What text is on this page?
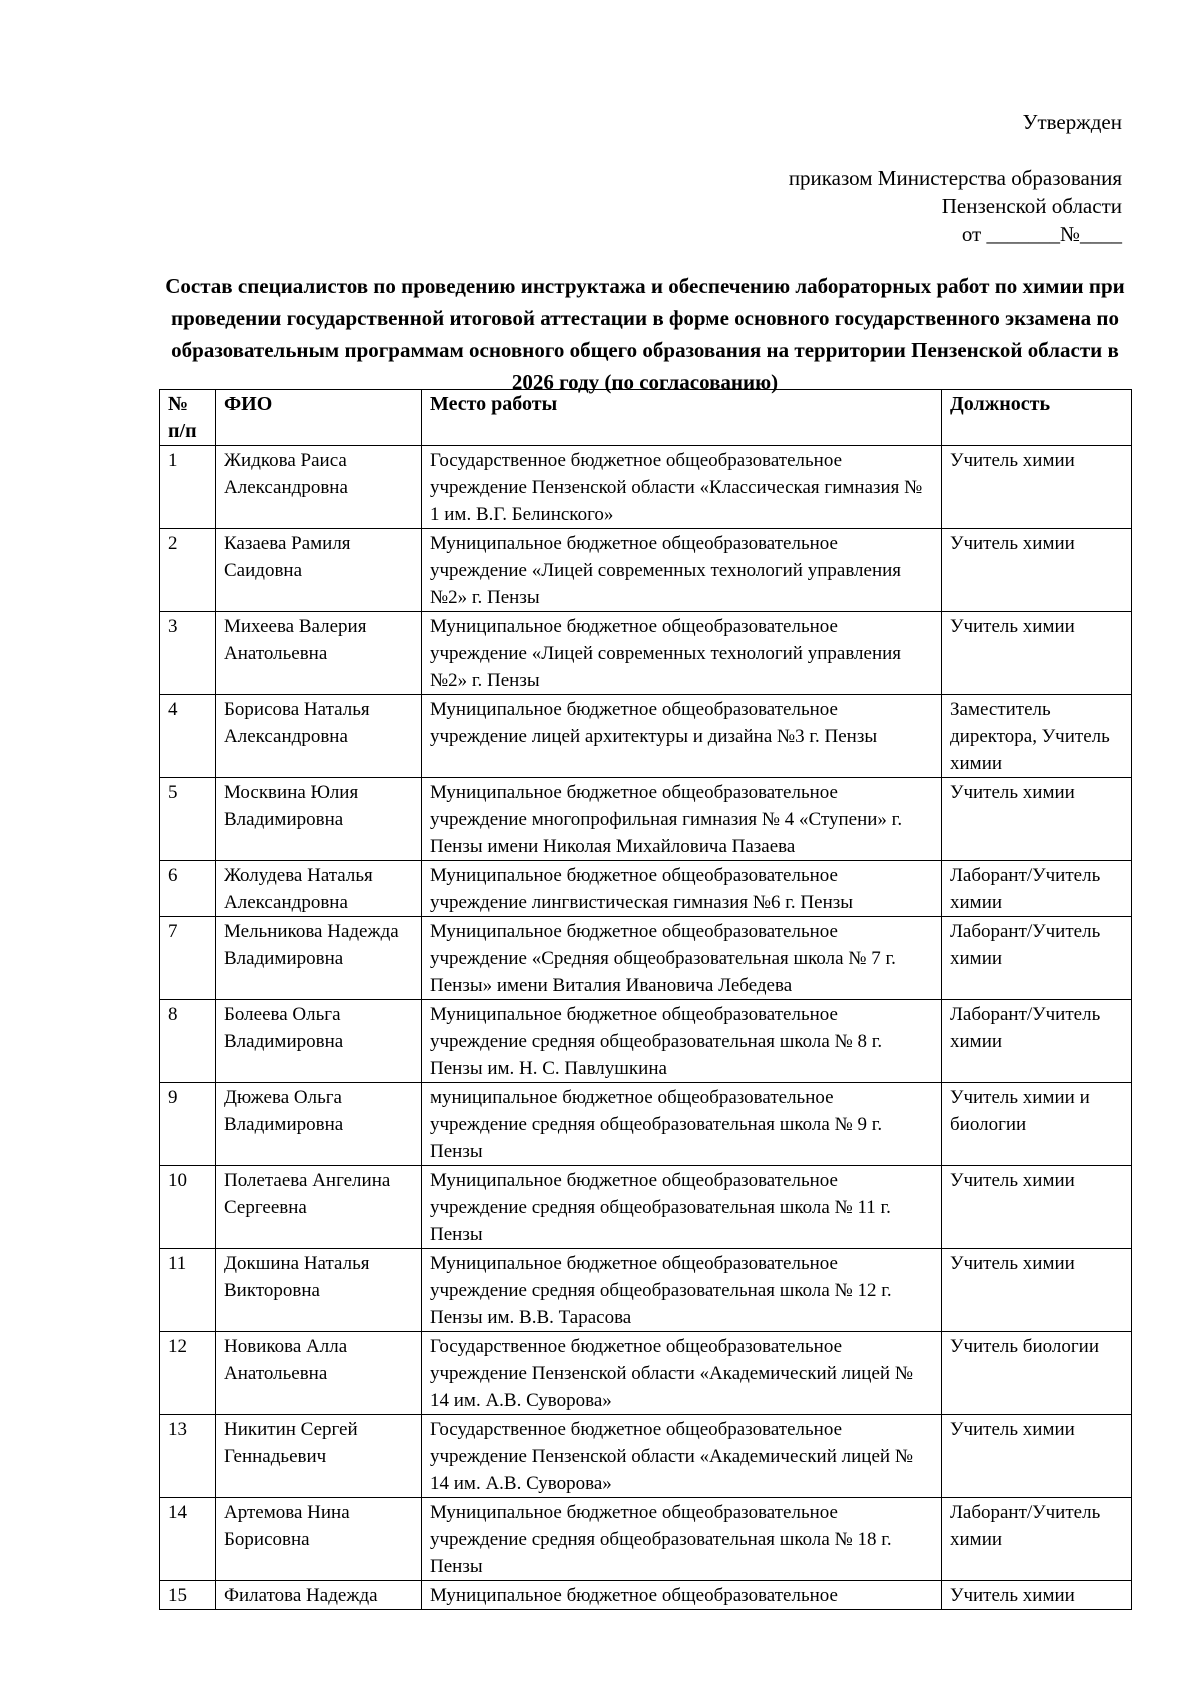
Утвержден
приказом Министерства образования
Пензенской области
от _______№____
Состав специалистов по проведению инструктажа и обеспечению лабораторных работ по химии при проведении государственной итоговой аттестации в форме основного государственного экзамена по образовательным программам основного общего образования на территории Пензенской области в 2026 году (по согласованию)
№ п/п	ФИО	Место работы	Должность
1	Жидкова Раиса Александровна	Государственное бюджетное общеобразовательное учреждение Пензенской области «Классическая гимназия № 1 им. В.Г. Белинского»	Учитель химии
2	Казаева Рамиля Саидовна	Муниципальное бюджетное общеобразовательное учреждение «Лицей современных технологий управления №2» г. Пензы	Учитель химии
3	Михеева Валерия Анатольевна	Муниципальное бюджетное общеобразовательное учреждение «Лицей современных технологий управления №2» г. Пензы	Учитель химии
4	Борисова Наталья Александровна	Муниципальное бюджетное общеобразовательное учреждение лицей архитектуры и дизайна №3 г. Пензы	Заместитель директора, Учитель химии
5	Москвина Юлия Владимировна	Муниципальное бюджетное общеобразовательное учреждение многопрофильная гимназия № 4 «Ступени» г. Пензы имени Николая Михайловича Пазаева	Учитель химии
6	Жолудева Наталья Александровна	Муниципальное бюджетное общеобразовательное учреждение лингвистическая гимназия №6 г. Пензы	Лаборант/Учитель химии
7	Мельникова Надежда Владимировна	Муниципальное бюджетное общеобразовательное учреждение «Средняя общеобразовательная школа № 7 г. Пензы» имени Виталия Ивановича Лебедева	Лаборант/Учитель химии
8	Болеева Ольга Владимировна	Муниципальное бюджетное общеобразовательное учреждение средняя общеобразовательная школа № 8 г. Пензы им. Н. С. Павлушкина	Лаборант/Учитель химии
9	Дюжева Ольга Владимировна	муниципальное бюджетное общеобразовательное учреждение средняя общеобразовательная школа № 9 г. Пензы	Учитель химии и биологии
10	Полетаева Ангелина Сергеевна	Муниципальное бюджетное общеобразовательное учреждение средняя общеобразовательная школа № 11 г. Пензы	Учитель химии
11	Докшина Наталья Викторовна	Муниципальное бюджетное общеобразовательное учреждение средняя общеобразовательная школа № 12 г. Пензы им. В.В. Тарасова	Учитель химии
12	Новикова Алла Анатольевна	Государственное бюджетное общеобразовательное учреждение Пензенской области «Академический лицей № 14 им. А.В. Суворова»	Учитель биологии
13	Никитин Сергей Геннадьевич	Государственное бюджетное общеобразовательное учреждение Пензенской области «Академический лицей № 14 им. А.В. Суворова»	Учитель химии
14	Артемова Нина Борисовна	Муниципальное бюджетное общеобразовательное учреждение средняя общеобразовательная школа № 18 г. Пензы	Лаборант/Учитель химии
15	Филатова Надежда	Муниципальное бюджетное общеобразовательное	Учитель химии
